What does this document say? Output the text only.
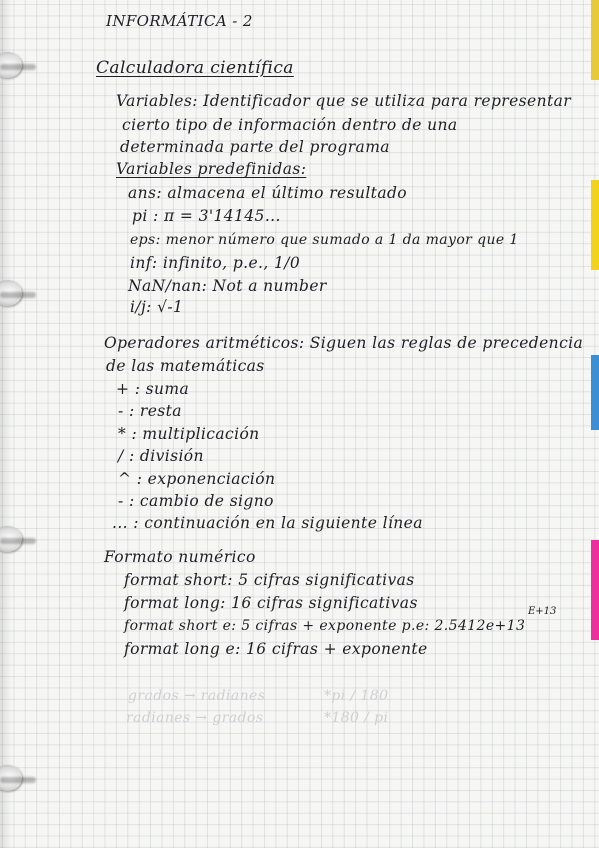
INFORMÁTICA - 2
Calculadora científica
Variables: Identificador que se utiliza para representar
cierto tipo de información dentro de una
determinada parte del programa
Variables predefinidas:
ans: almacena el último resultado
pi : π = 3'14145...
eps: menor número que sumado a 1 da mayor que 1
inf: infinito, p.e., 1/0
NaN/nan: Not a number
i/j: √-1
Operadores aritméticos: Siguen las reglas de precedencia
de las matemáticas
+ : suma
- : resta
* : multiplicación
/ : división
^ : exponenciación
- : cambio de signo
... : continuación en la siguiente línea
Formato numérico
format short: 5 cifras significativas
format long: 16 cifras significativas	E+13
format short e: 5 cifras + exponente p.e: 2.5412e+13
format long e: 16 cifras + exponente
grados → radianes
radianes → grados
*pi / 180
*180 / pi
